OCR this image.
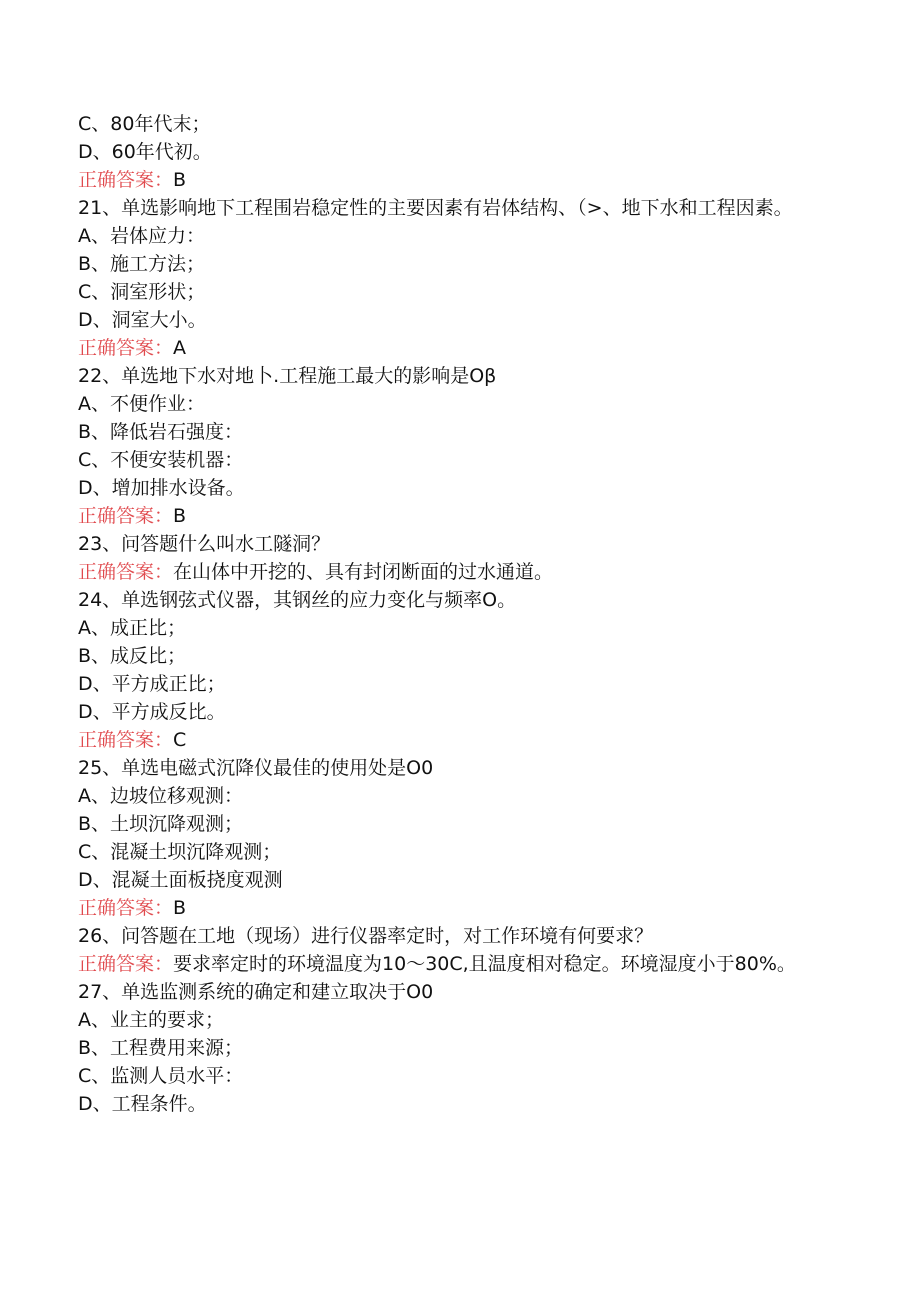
C、80年代末；
D、60年代初。
正确答案：B
21、单选影响地下工程围岩稳定性的主要因素有岩体结构、（>、地下水和工程因素。
A、岩体应力：
B、施工方法；
C、洞室形状；
D、洞室大小。
正确答案：A
22、单选地下水对地卜.工程施工最大的影响是Oβ
A、不便作业：
B、降低岩石强度：
C、不便安装机器：
D、增加排水设备。
正确答案：B
23、问答题什么叫水工隧洞？
正确答案：在山体中开挖的、具有封闭断面的过水通道。
24、单选钢弦式仪器，其钢丝的应力变化与频率O。
A、成正比；
B、成反比；
D、平方成正比；
D、平方成反比。
正确答案：C
25、单选电磁式沉降仪最佳的使用处是O0
A、边坡位移观测：
B、土坝沉降观测；
C、混凝土坝沉降观测；
D、混凝土面板挠度观测
正确答案：B
26、问答题在工地（现场）进行仪器率定时，对工作环境有何要求？
正确答案：要求率定时的环境温度为10～30C,且温度相对稳定。环境湿度小于80%。
27、单选监测系统的确定和建立取决于O0
A、业主的要求；
B、工程费用来源；
C、监测人员水平：
D、工程条件。
